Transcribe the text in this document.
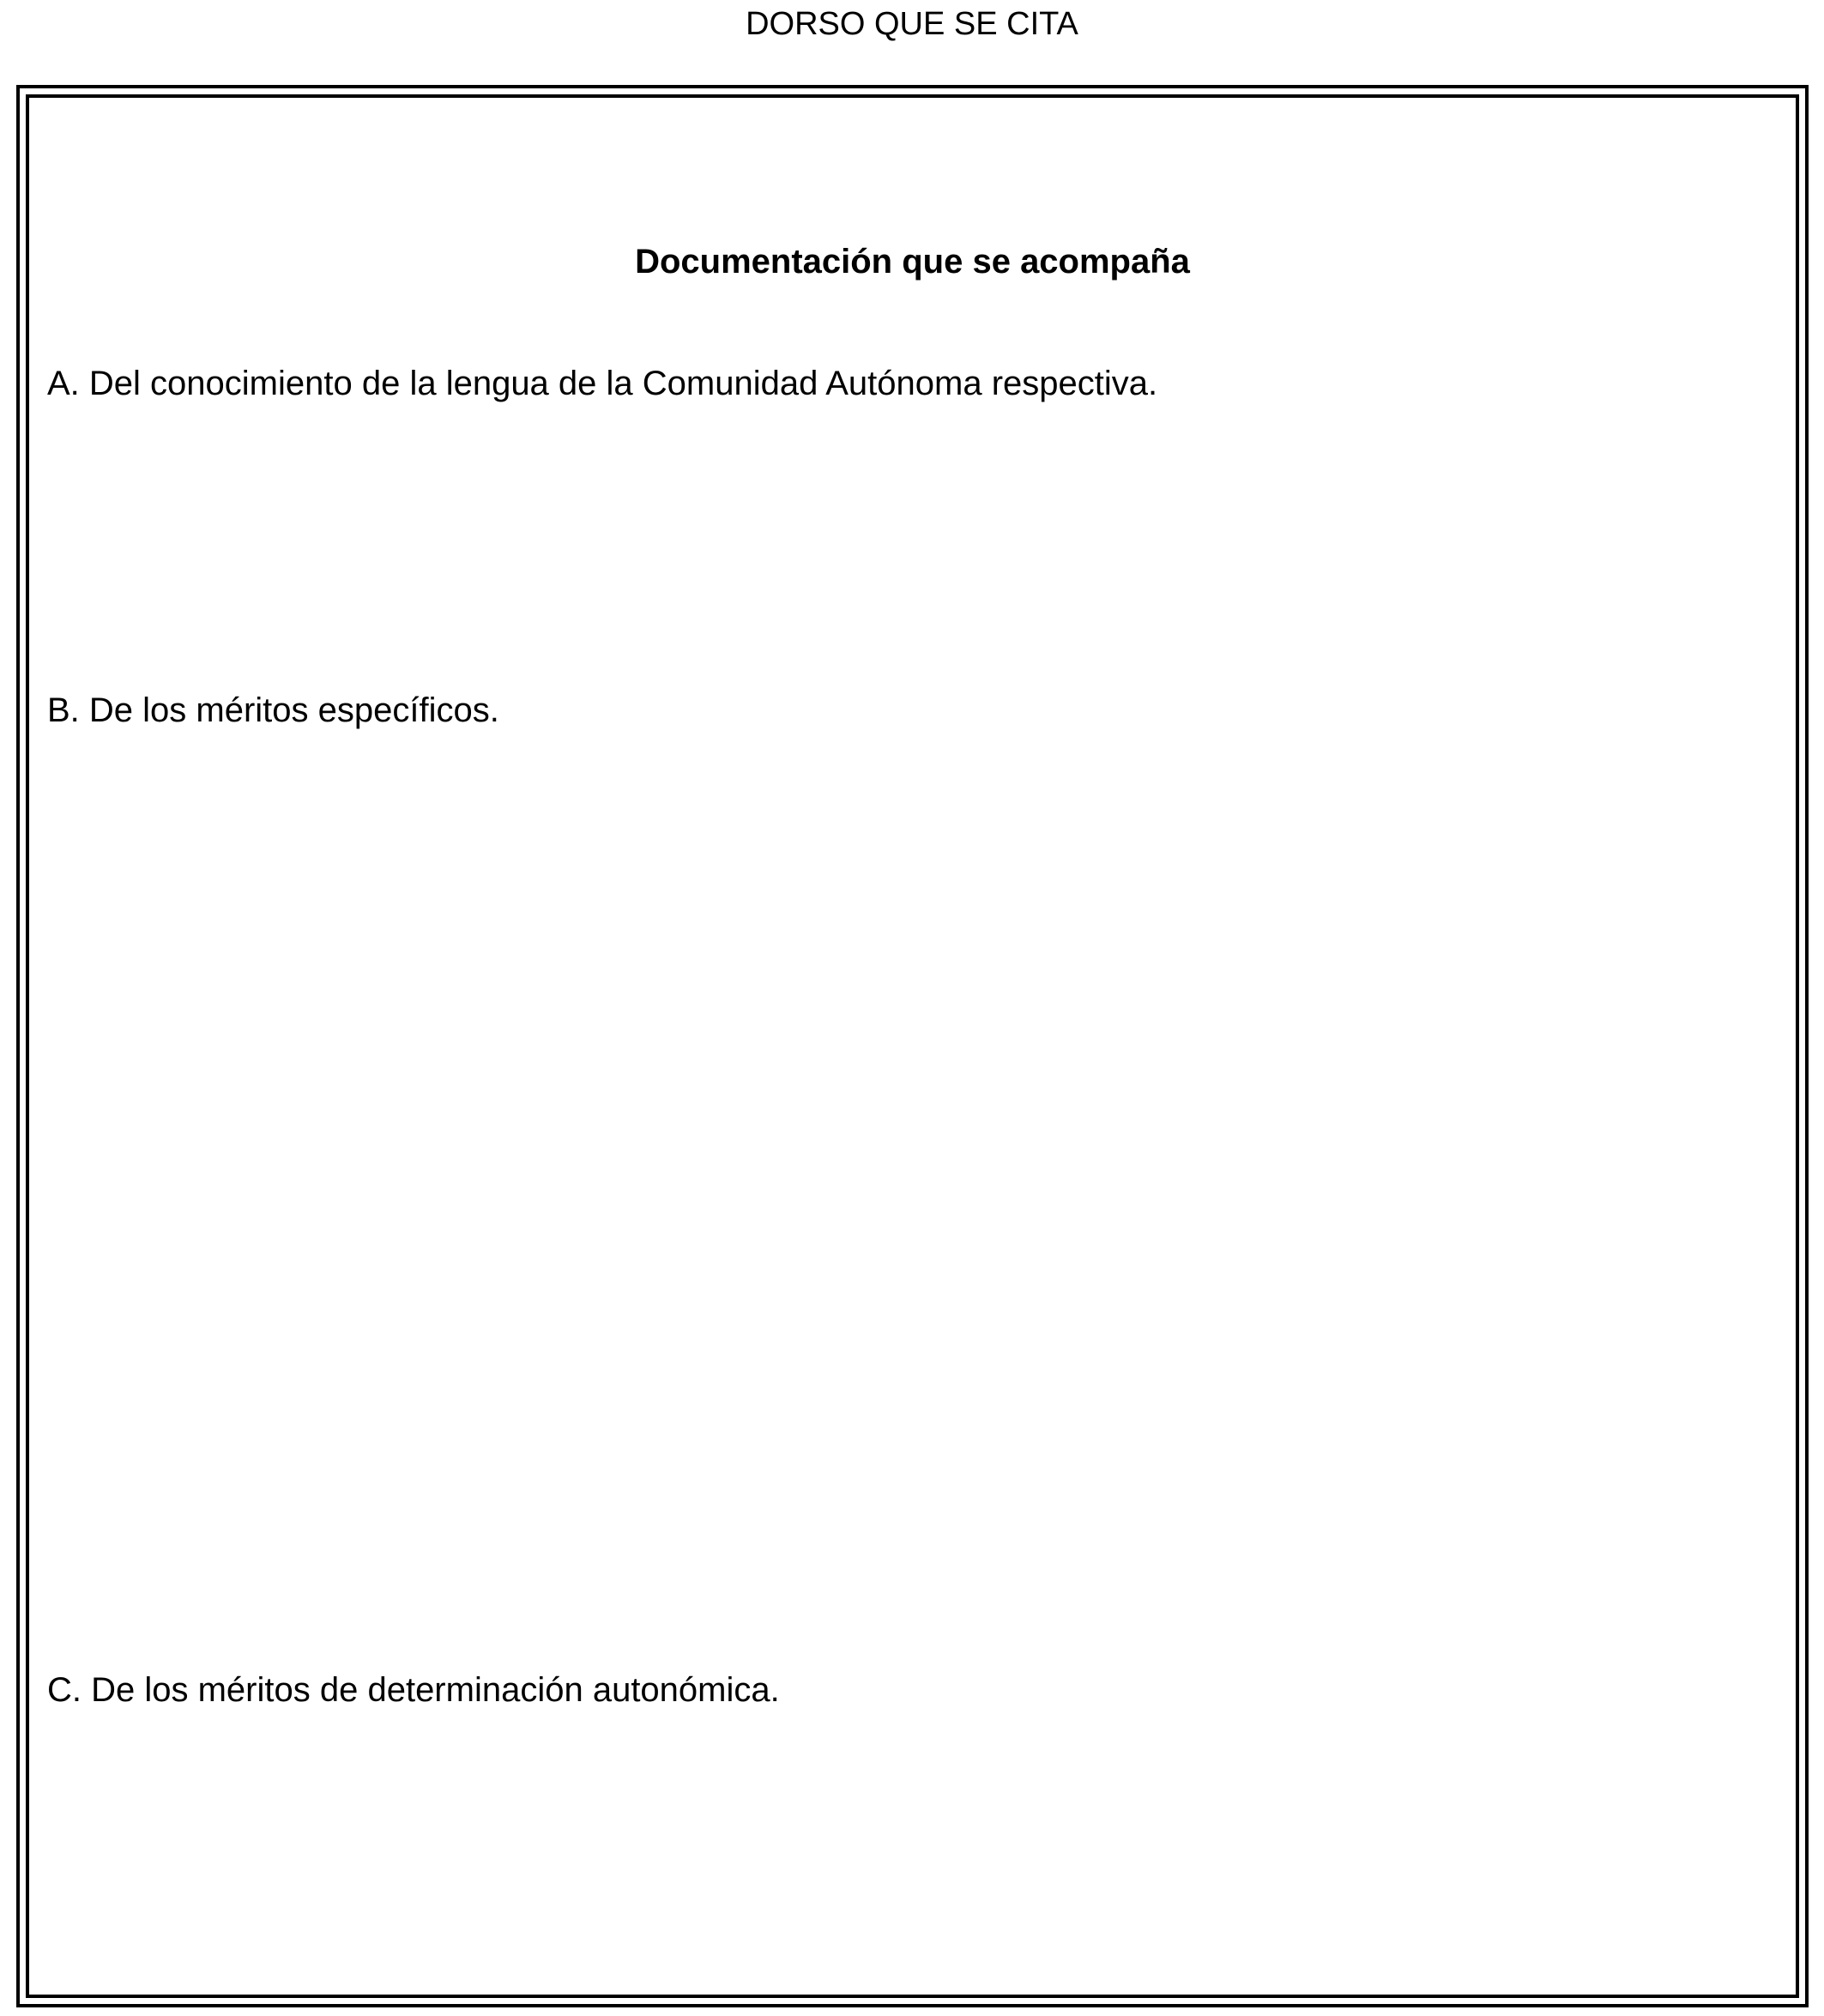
DORSO QUE SE CITA
Documentación que se acompaña
A. Del conocimiento de la lengua de la Comunidad Autónoma respectiva.
B. De los méritos específicos.
C. De los méritos de determinación autonómica.
